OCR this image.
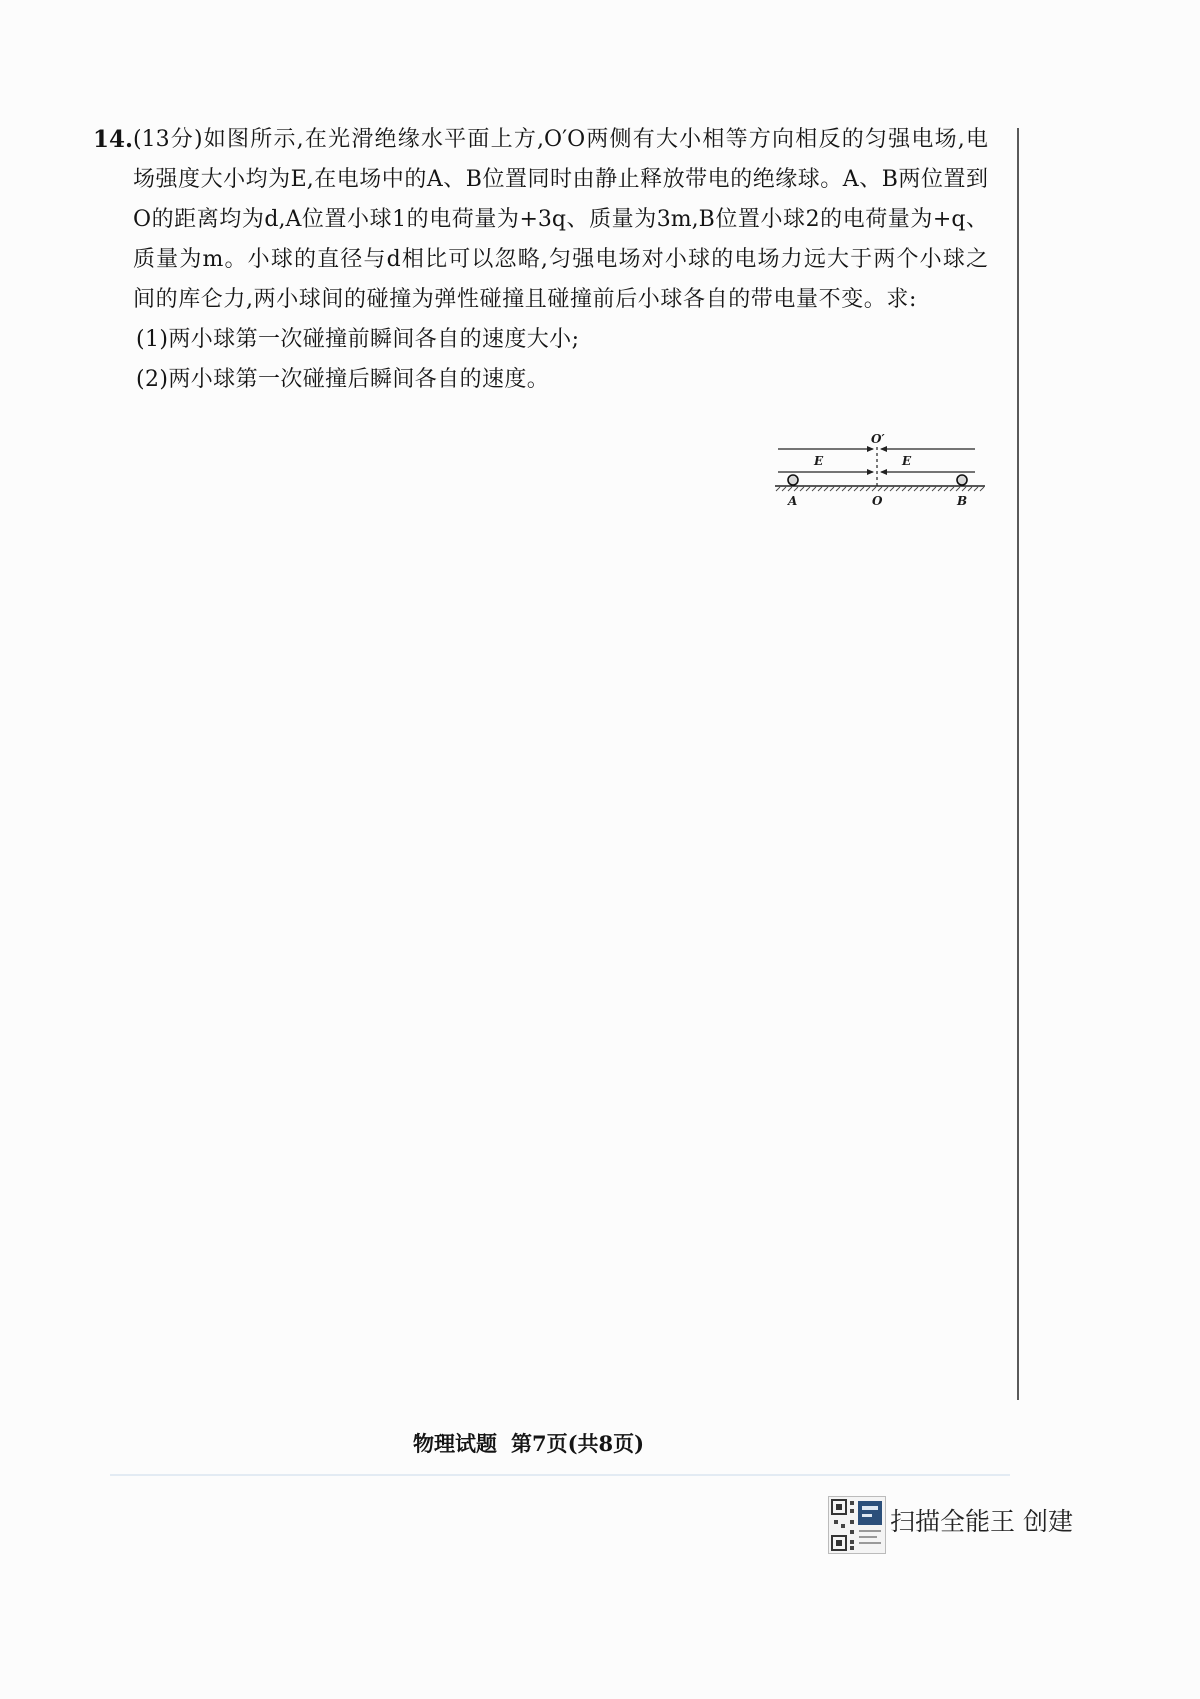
14. (13分)如图所示,在光滑绝缘水平面上方,O′O两侧有大小相等方向相反的匀强电场,电
场强度大小均为E,在电场中的A、B位置同时由静止释放带电的绝缘球。A、B两位置到
O的距离均为d,A位置小球1的电荷量为+3q、质量为3m,B位置小球2的电荷量为+q、
质量为m。小球的直径与d相比可以忽略,匀强电场对小球的电场力远大于两个小球之
间的库仑力,两小球间的碰撞为弹性碰撞且碰撞前后小球各自的带电量不变。求:
(1)两小球第一次碰撞前瞬间各自的速度大小;
(2)两小球第一次碰撞后瞬间各自的速度。
O′
E	E
A	O	B
物理试题 第7页(共8页)
扫描全能王 创建
